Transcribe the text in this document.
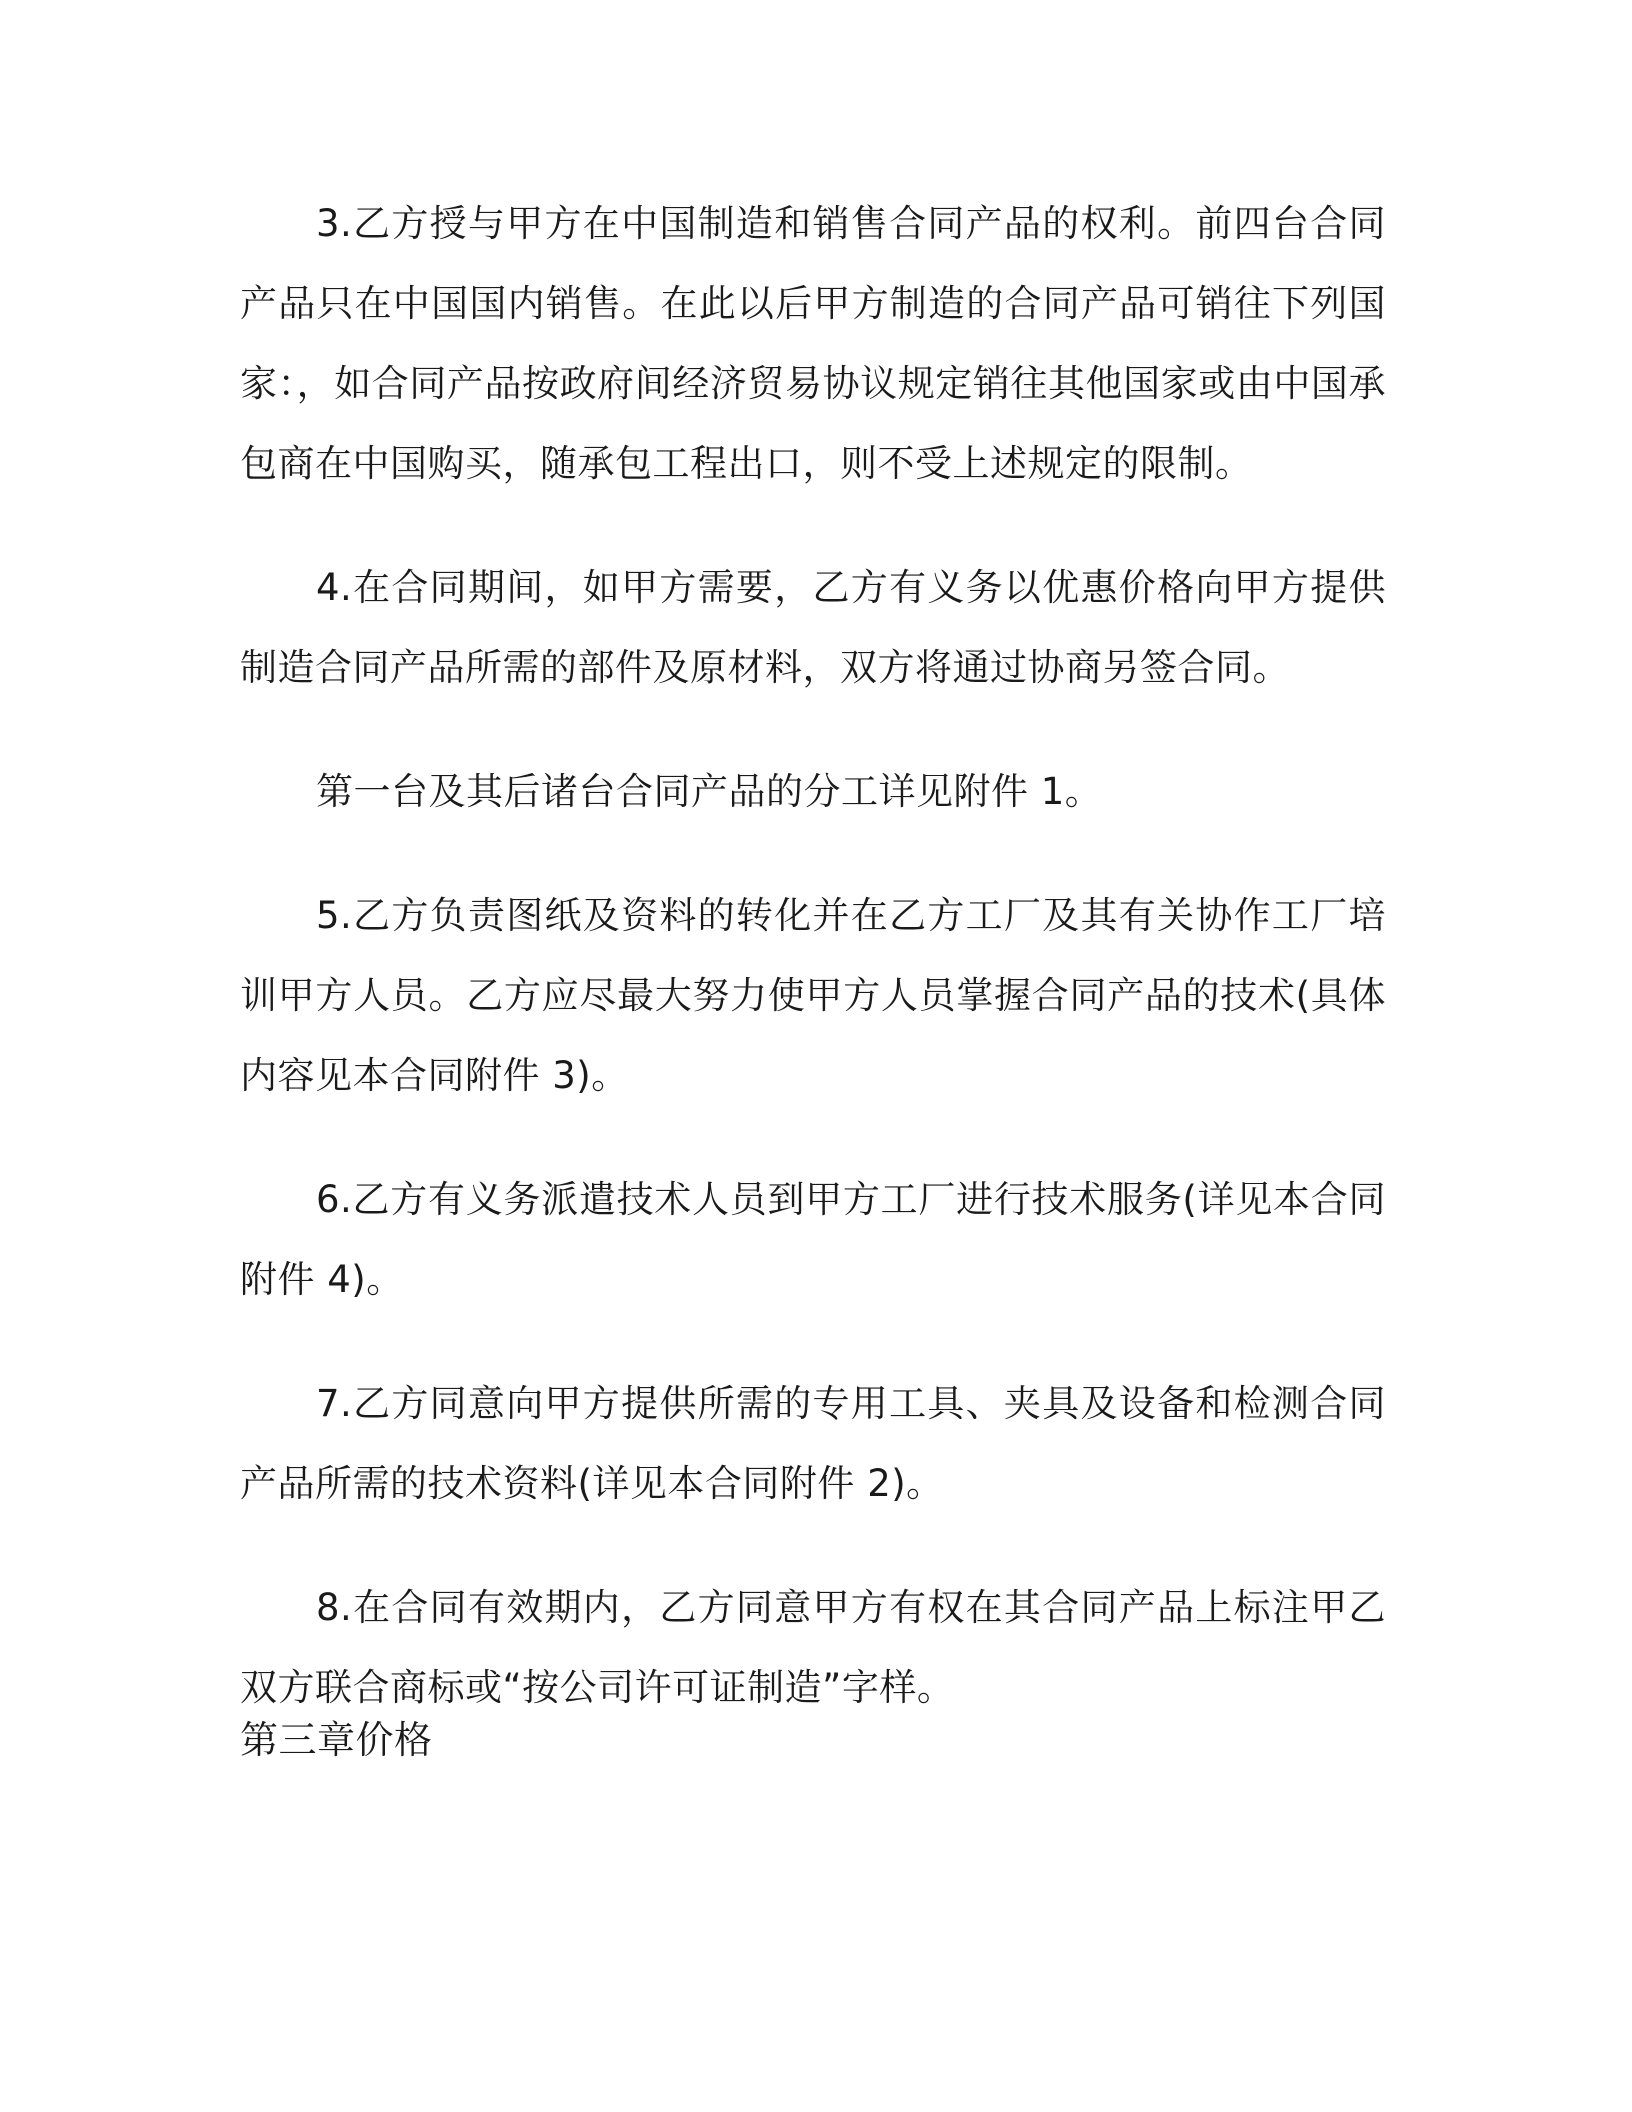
3.乙方授与甲方在中国制造和销售合同产品的权利。前四台合同产品只在中国国内销售。在此以后甲方制造的合同产品可销往下列国家：，如合同产品按政府间经济贸易协议规定销往其他国家或由中国承包商在中国购买，随承包工程出口，则不受上述规定的限制。

4.在合同期间，如甲方需要，乙方有义务以优惠价格向甲方提供制造合同产品所需的部件及原材料，双方将通过协商另签合同。

第一台及其后诸台合同产品的分工详见附件 1。

5.乙方负责图纸及资料的转化并在乙方工厂及其有关协作工厂培训甲方人员。乙方应尽最大努力使甲方人员掌握合同产品的技术(具体内容见本合同附件 3)。

6.乙方有义务派遣技术人员到甲方工厂进行技术服务(详见本合同附件 4)。

7.乙方同意向甲方提供所需的专用工具、夹具及设备和检测合同产品所需的技术资料(详见本合同附件 2)。

8.在合同有效期内，乙方同意甲方有权在其合同产品上标注甲乙双方联合商标或“按公司许可证制造”字样。

第三章价格
